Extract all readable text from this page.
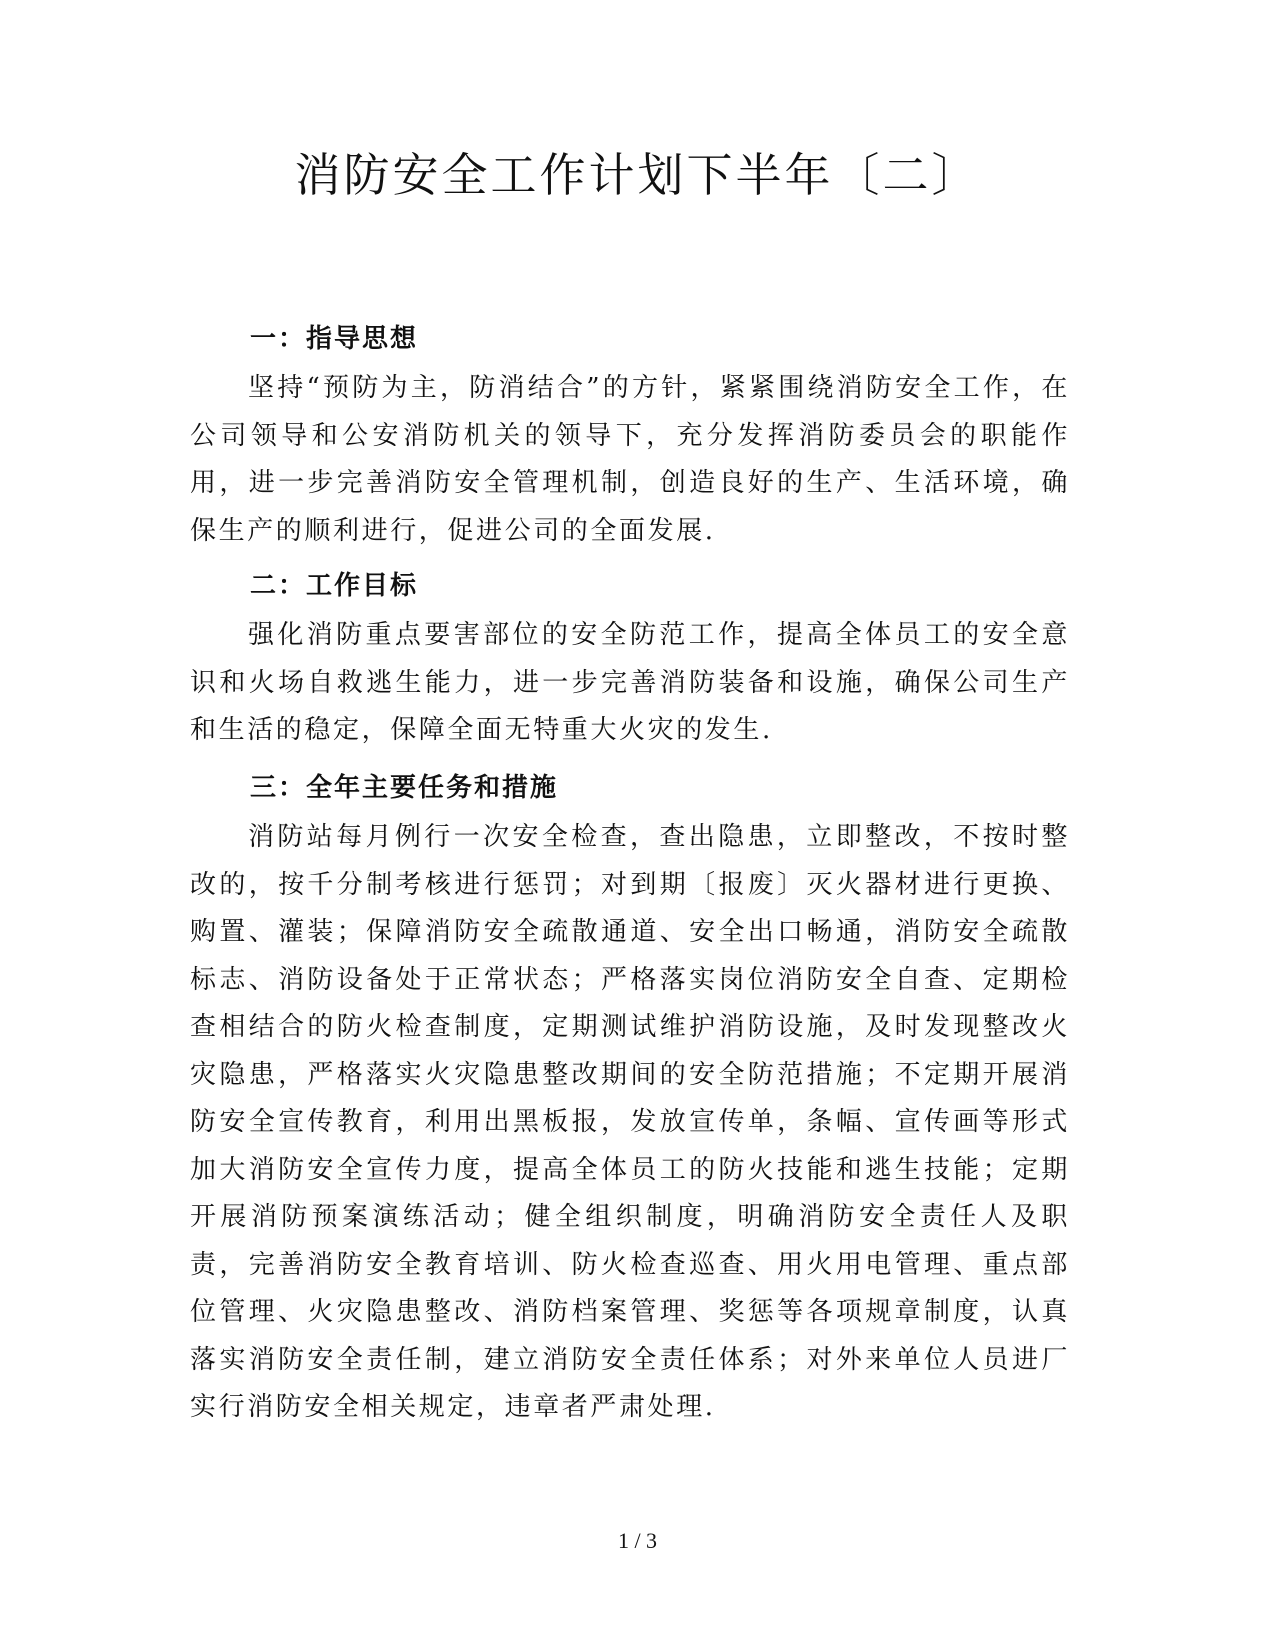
消防安全工作计划下半年〔二〕
一：指导思想

坚持“预防为主，防消结合”的方针，紧紧围绕消防安全工作，在公司领导和公安消防机关的领导下，充分发挥消防委员会的职能作用，进一步完善消防安全管理机制，创造良好的生产、生活环境，确保生产的顺利进行，促进公司的全面发展.

二：工作目标

强化消防重点要害部位的安全防范工作，提高全体员工的安全意识和火场自救逃生能力，进一步完善消防装备和设施，确保公司生产和生活的稳定，保障全面无特重大火灾的发生.

三：全年主要任务和措施

消防站每月例行一次安全检查，查出隐患，立即整改，不按时整改的，按千分制考核进行惩罚；对到期〔报废〕灭火器材进行更换、购置、灌装；保障消防安全疏散通道、安全出口畅通，消防安全疏散标志、消防设备处于正常状态；严格落实岗位消防安全自查、定期检查相结合的防火检查制度，定期测试维护消防设施，及时发现整改火灾隐患，严格落实火灾隐患整改期间的安全防范措施；不定期开展消防安全宣传教育，利用出黑板报，发放宣传单，条幅、宣传画等形式加大消防安全宣传力度，提高全体员工的防火技能和逃生技能；定期开展消防预案演练活动；健全组织制度，明确消防安全责任人及职责，完善消防安全教育培训、防火检查巡查、用火用电管理、重点部位管理、火灾隐患整改、消防档案管理、奖惩等各项规章制度，认真落实消防安全责任制，建立消防安全责任体系；对外来单位人员进厂实行消防安全相关规定，违章者严肃处理.

1 / 3
